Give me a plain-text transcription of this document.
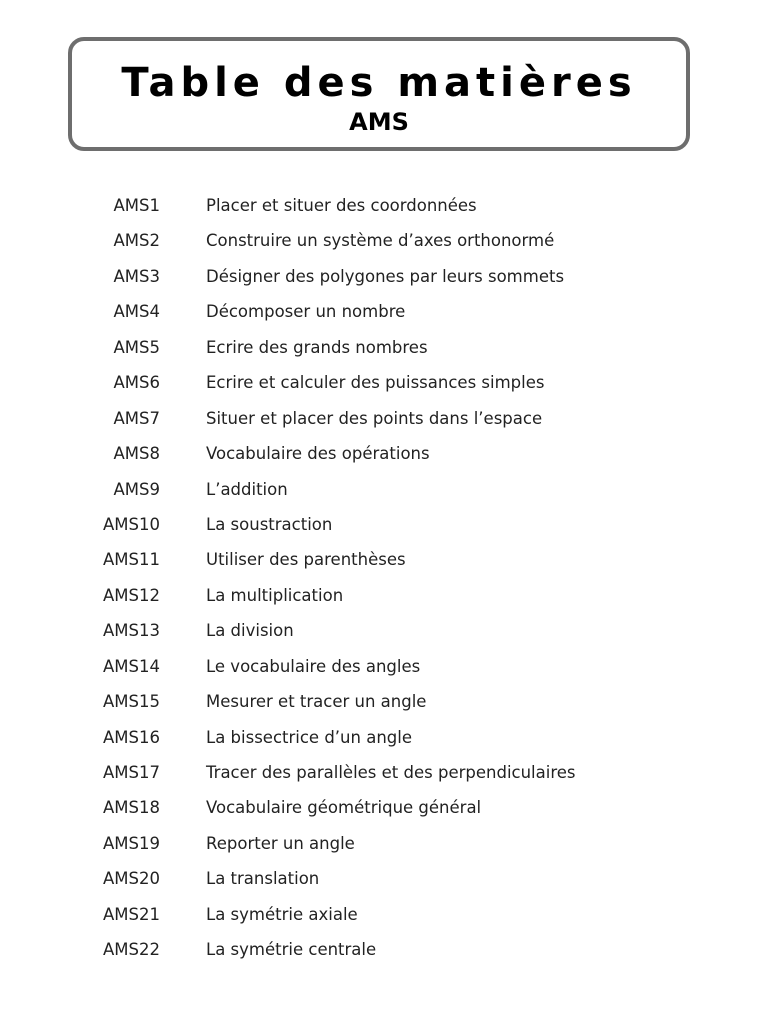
Table des matières
AMS
AMS1	Placer et situer des coordonnées
AMS2	Construire un système d’axes orthonormé
AMS3	Désigner des polygones par leurs sommets
AMS4	Décomposer un nombre
AMS5	Ecrire des grands nombres
AMS6	Ecrire et calculer des puissances simples
AMS7	Situer et placer des points dans l’espace
AMS8	Vocabulaire des opérations
AMS9	L’addition
AMS10	La soustraction
AMS11	Utiliser des parenthèses
AMS12	La multiplication
AMS13	La division
AMS14	Le vocabulaire des angles
AMS15	Mesurer et tracer un angle
AMS16	La bissectrice d’un angle
AMS17	Tracer des parallèles et des perpendiculaires
AMS18	Vocabulaire géométrique général
AMS19	Reporter un angle
AMS20	La translation
AMS21	La symétrie axiale
AMS22	La symétrie centrale
